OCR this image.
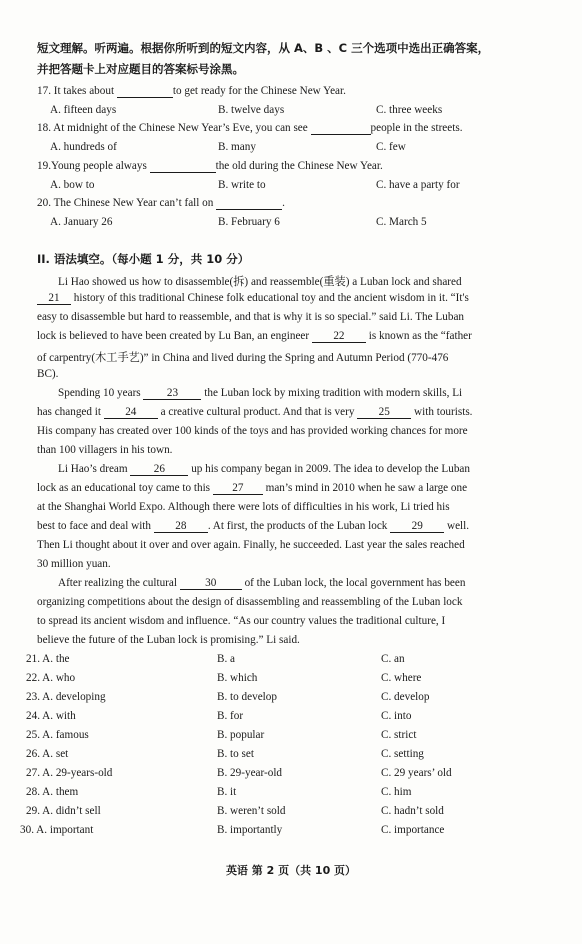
短文理解。听两遍。根据你所听到的短文内容，从 A、B 、C 三个选项中选出正确答案，
并把答题卡上对应题目的答案标号涂黑。
17. It takes about	to get ready for the Chinese New Year.
A. fifteen days	B. twelve days	C. three weeks
18. At midnight of the Chinese New Year’s Eve, you can see	people in the streets.
A. hundreds of	B. many	C. few
19.Young people always	the old during the Chinese New Year.
A. bow to	B. write to	C. have a party for
20. The Chinese New Year can’t fall on	.
A. January 26	B. February 6	C. March 5
II. 语法填空。（每小题 1 分，共 10 分）
Li Hao showed us how to disassemble(拆) and reassemble(重装) a Luban lock and shared
21 history of this traditional Chinese folk educational toy and the ancient wisdom in it. “It's
easy to disassemble but hard to reassemble, and that is why it is so special.” said Li. The Luban
lock is believed to have been created by Lu Ban, an engineer 22 is known as the “father
of carpentry(木工手艺)” in China and lived during the Spring and Autumn Period (770-476
BC).
Spending 10 years 23 the Luban lock by mixing tradition with modern skills, Li
has changed it 24 a creative cultural product. And that is very 25 with tourists.
His company has created over 100 kinds of the toys and has provided working chances for more
than 100 villagers in his town.
Li Hao’s dream 26 up his company began in 2009. The idea to develop the Luban
lock as an educational toy came to this 27 man’s mind in 2010 when he saw a large one
at the Shanghai World Expo. Although there were lots of difficulties in his work, Li tried his
best to face and deal with 28 . At first, the products of the Luban lock 29 well.
Then Li thought about it over and over again. Finally, he succeeded. Last year the sales reached
30 million yuan.
After realizing the cultural 30 of the Luban lock, the local government has been
organizing competitions about the design of disassembling and reassembling of the Luban lock
to spread its ancient wisdom and influence. “As our country values the traditional culture, I
believe the future of the Luban lock is promising.” Li said.
21. A. the	B. a	C. an
22. A. who	B. which	C. where
23. A. developing	B. to develop	C. develop
24. A. with	B. for	C. into
25. A. famous	B. popular	C. strict
26. A. set	B. to set	C. setting
27. A. 29-years-old	B. 29-year-old	C. 29 years’ old
28. A. them	B. it	C. him
29. A. didn’t sell	B. weren’t sold	C. hadn’t sold
30. A. important	B. importantly	C. importance
英语 第 2 页（共 10 页）
